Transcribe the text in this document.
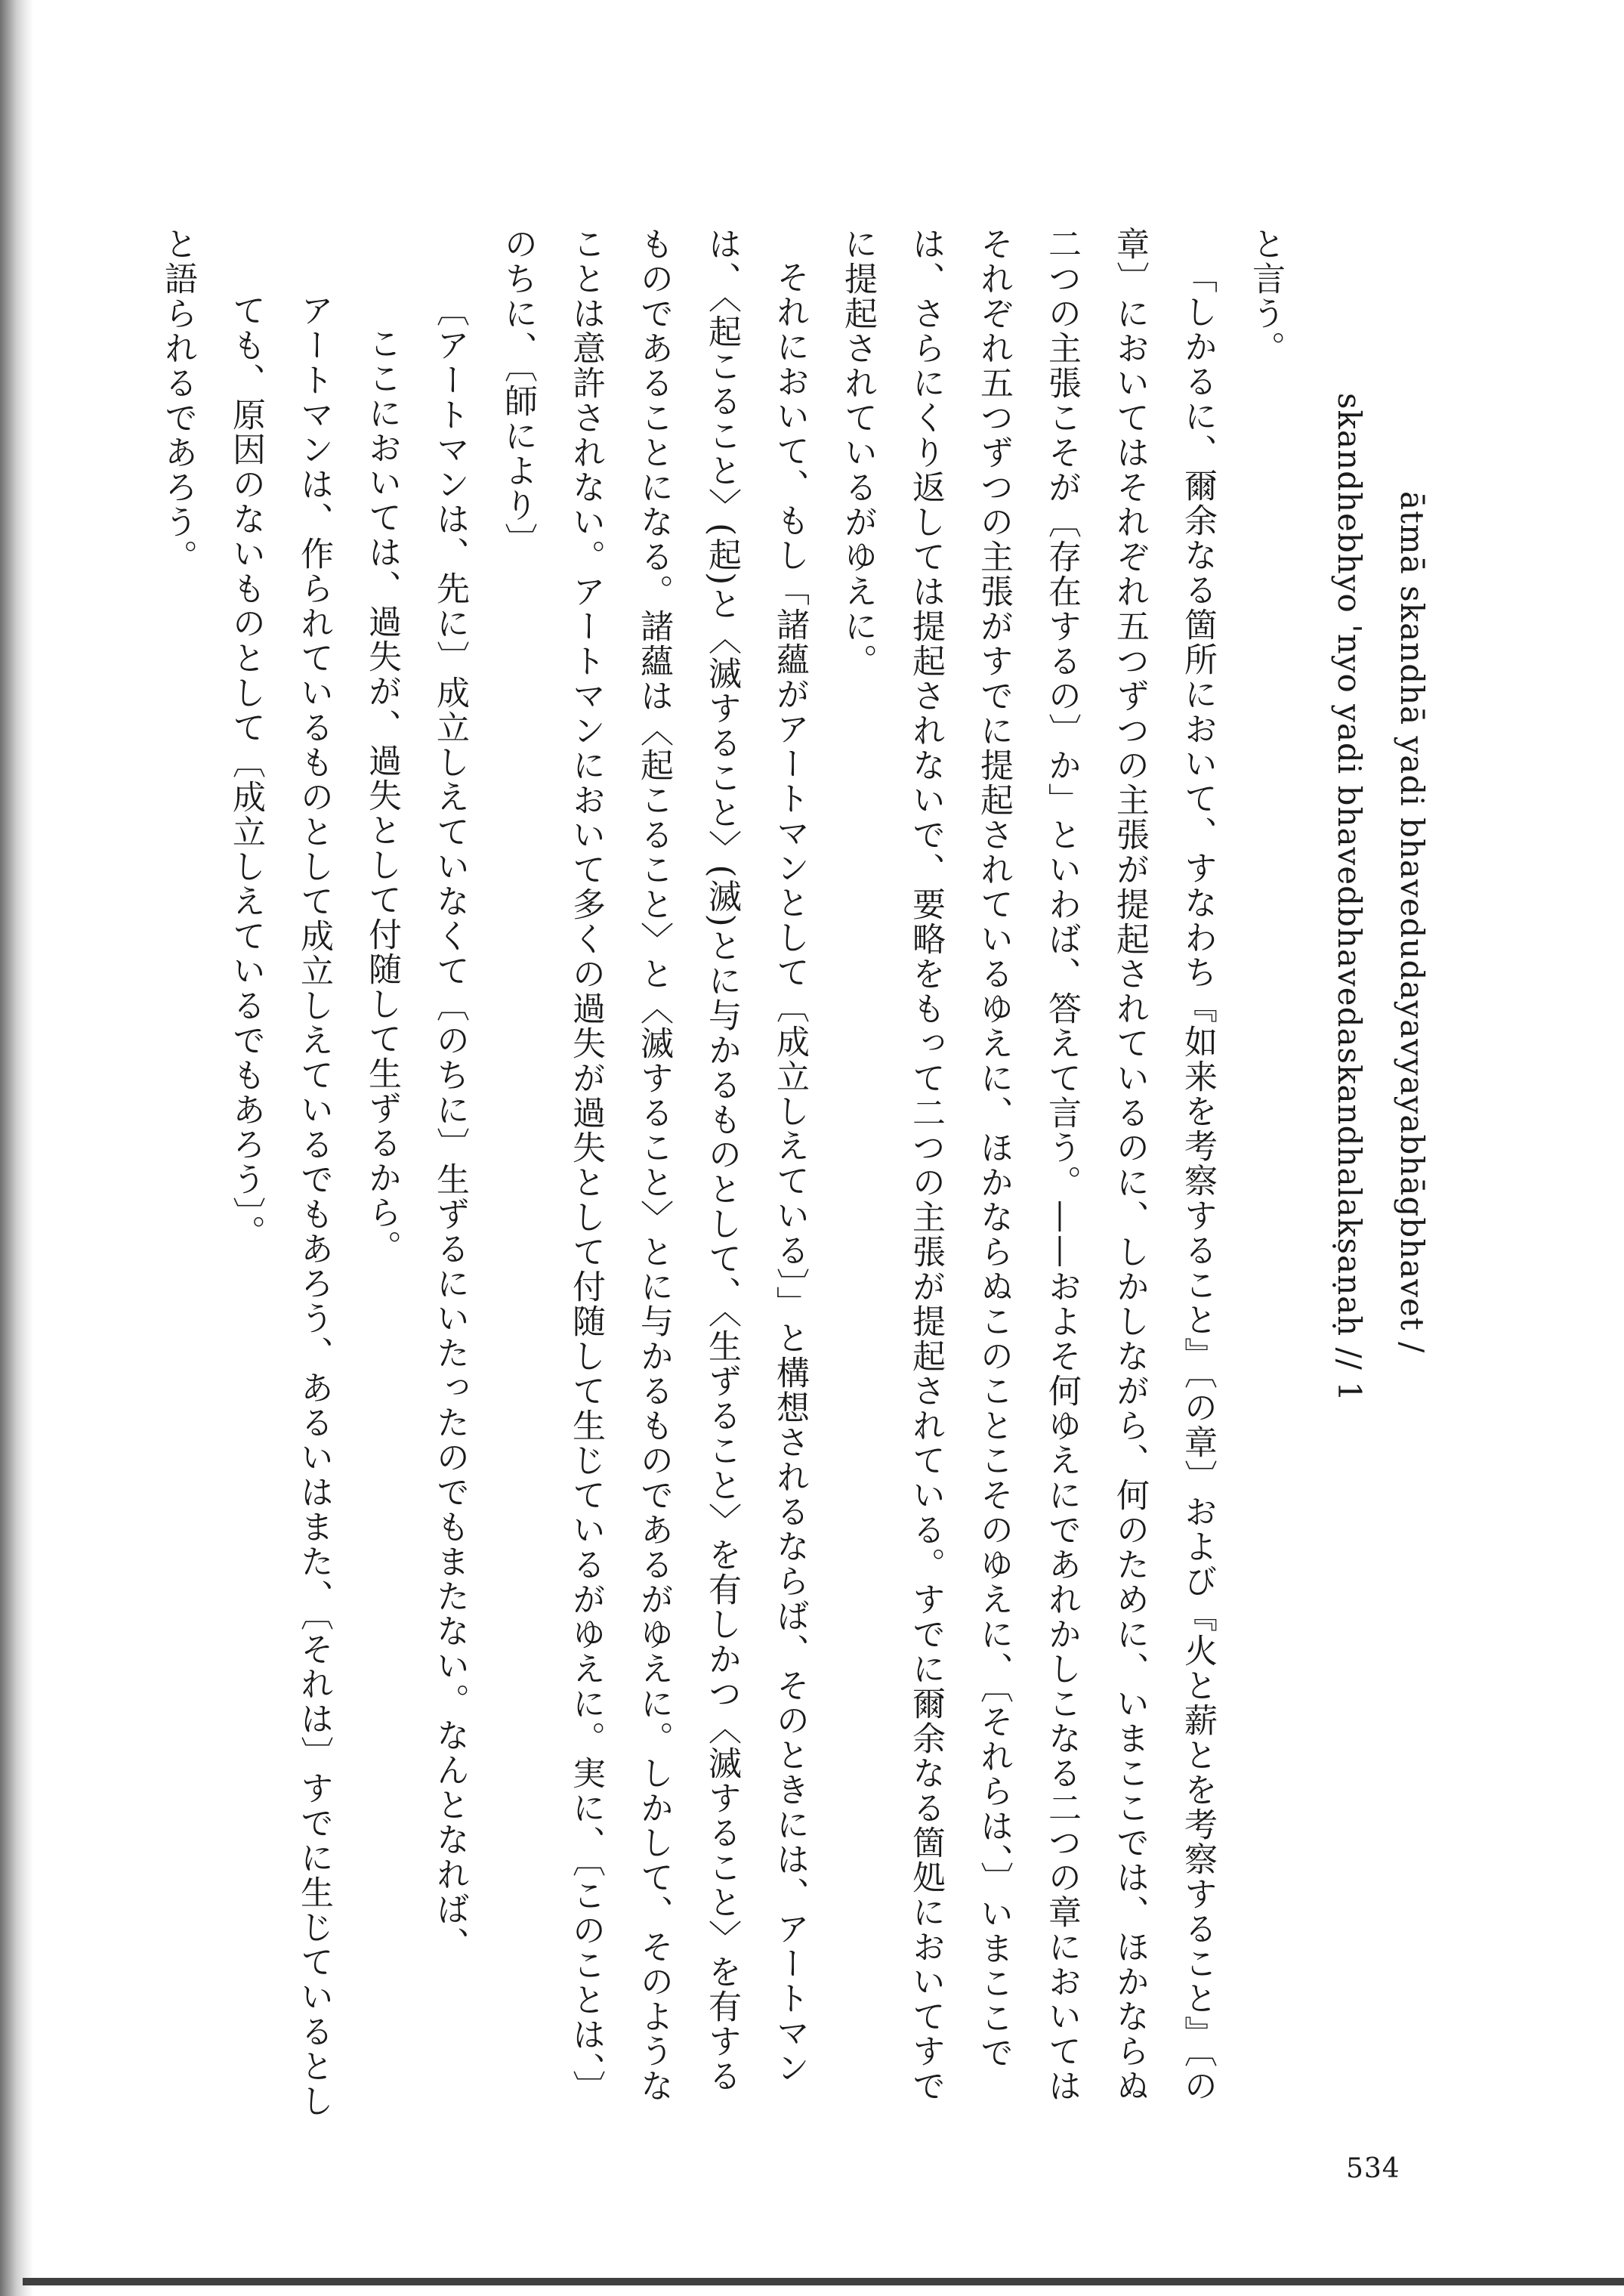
534
ātmā skandhā yadi bhavedudayavyayabhāgbhavet /
skandhebhyo 'nyo yadi bhavedbhavedaskandhalakṣaṇaḥ // 1
と言う。
「しかるに、爾余なる箇所において、すなわち『如来を考察すること』〔の章〕および『火と薪とを考察すること』〔の章〕においてはそれぞれ五つずつの主張が提起されているのに、しかしながら、何のために、いまここでは、ほかならぬ二つの主張こそが〔存在するの〕か」といわば、答えて言う。——およそ何ゆえにであれかしこなる二つの章においてはそれぞれ五つずつの主張がすでに提起されているゆえに、ほかならぬこのことこそのゆえに、〔それらは、〕いまここでは、さらにくり返しては提起されないで、要略をもって二つの主張が提起されている。すでに爾余なる箇処においてすでに提起されているがゆえに。
それにおいて、もし「諸蘊がアートマンとして〔成立しえている〕」と構想されるならば、そのときには、アートマンは、〈起こること〉(起)と〈滅すること〉(滅)とに与かるものとして、〈生ずること〉を有しかつ〈滅すること〉を有するものであることになる。諸蘊は〈起こること〉と〈滅すること〉とに与かるものであるがゆえに。しかして、そのようなことは意許されない。アートマンにおいて多くの過失が過失として付随して生じているがゆえに。実に、〔このことは、〕のちに、〔師により〕
〔アートマンは、先に〕成立しえていなくて〔のちに〕生ずるにいたったのでもまたない。なんとなれば、
ここにおいては、過失が、過失として付随して生ずるから。
アートマンは、作られているものとして成立しえているでもあろう、あるいはまた、〔それは〕すでに生じているとしても、原因のないものとして〔成立しえているでもあろう〕。
と語られるであろう。
